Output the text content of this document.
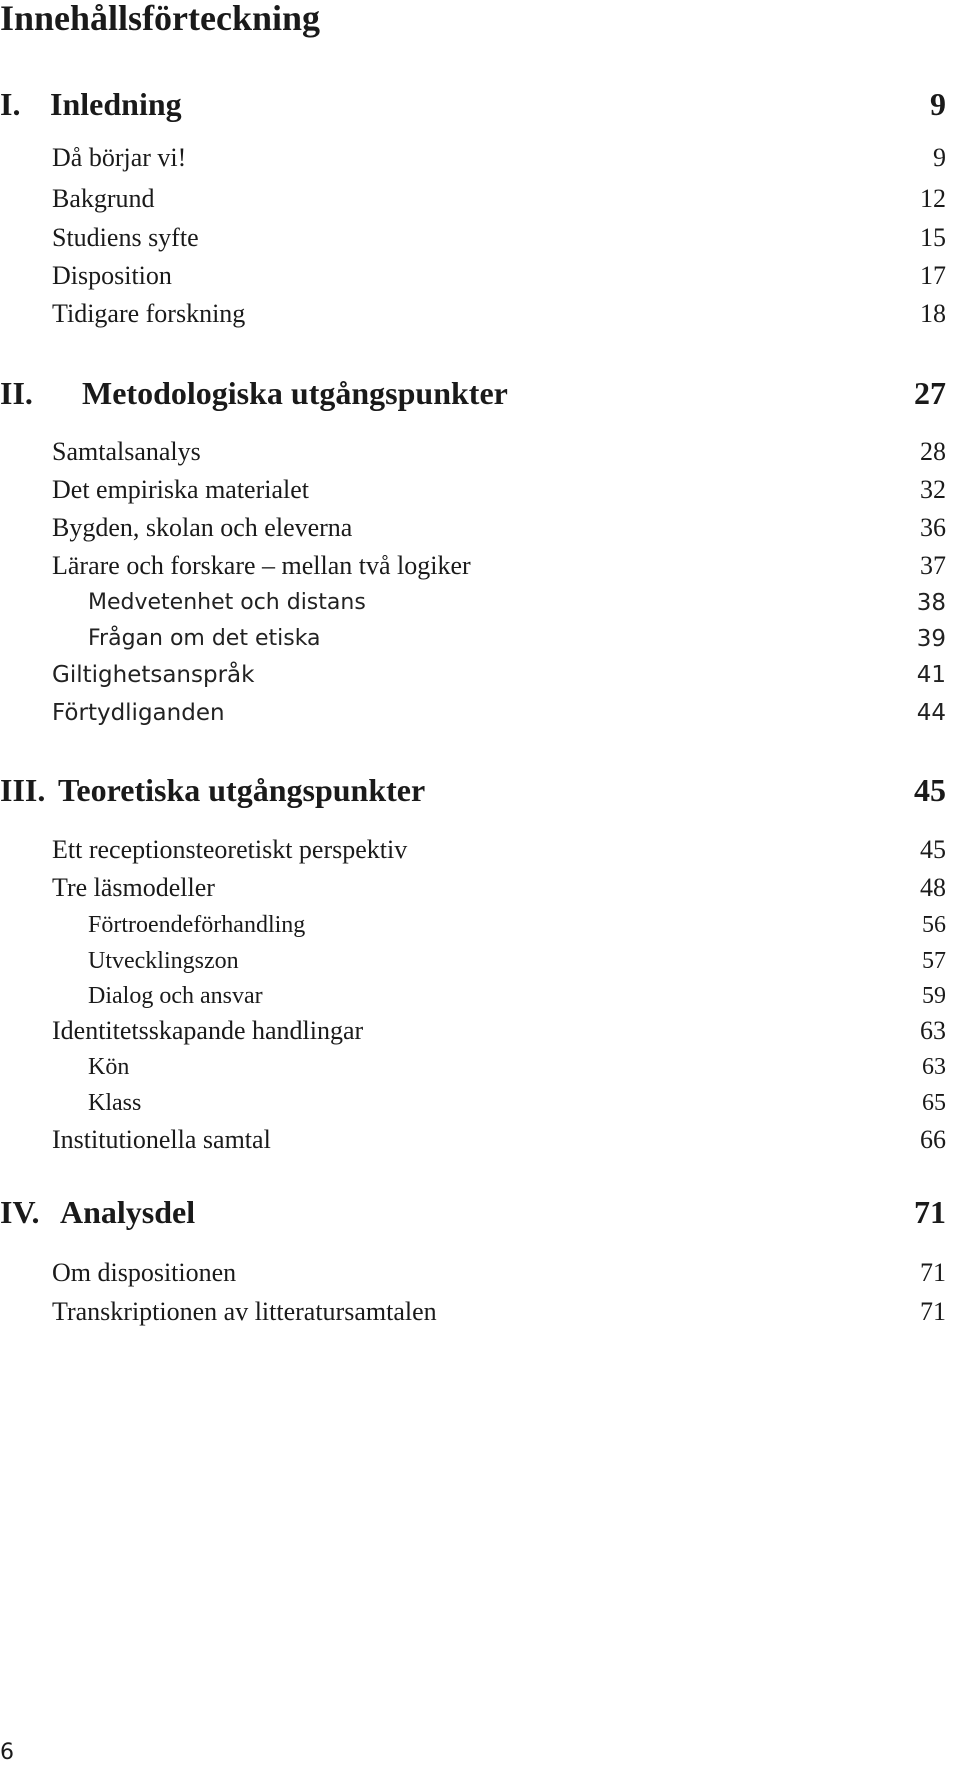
Innehållsförteckning
I. Inledning	9
Då börjar vi!	9
Bakgrund	12
Studiens syfte	15
Disposition	17
Tidigare forskning	18
II. Metodologiska utgångspunkter	27
Samtalsanalys	28
Det empiriska materialet	32
Bygden, skolan och eleverna	36
Lärare och forskare – mellan två logiker	37
Medvetenhet och distans	38
Frågan om det etiska	39
Giltighetsanspråk	41
Förtydliganden	44
III. Teoretiska utgångspunkter	45
Ett receptionsteoretiskt perspektiv	45
Tre läsmodeller	48
Förtroendeförhandling	56
Utvecklingszon	57
Dialog och ansvar	59
Identitetsskapande handlingar	63
Kön	63
Klass	65
Institutionella samtal	66
IV. Analysdel	71
Om dispositionen	71
Transkriptionen av litteratursamtalen	71
6
